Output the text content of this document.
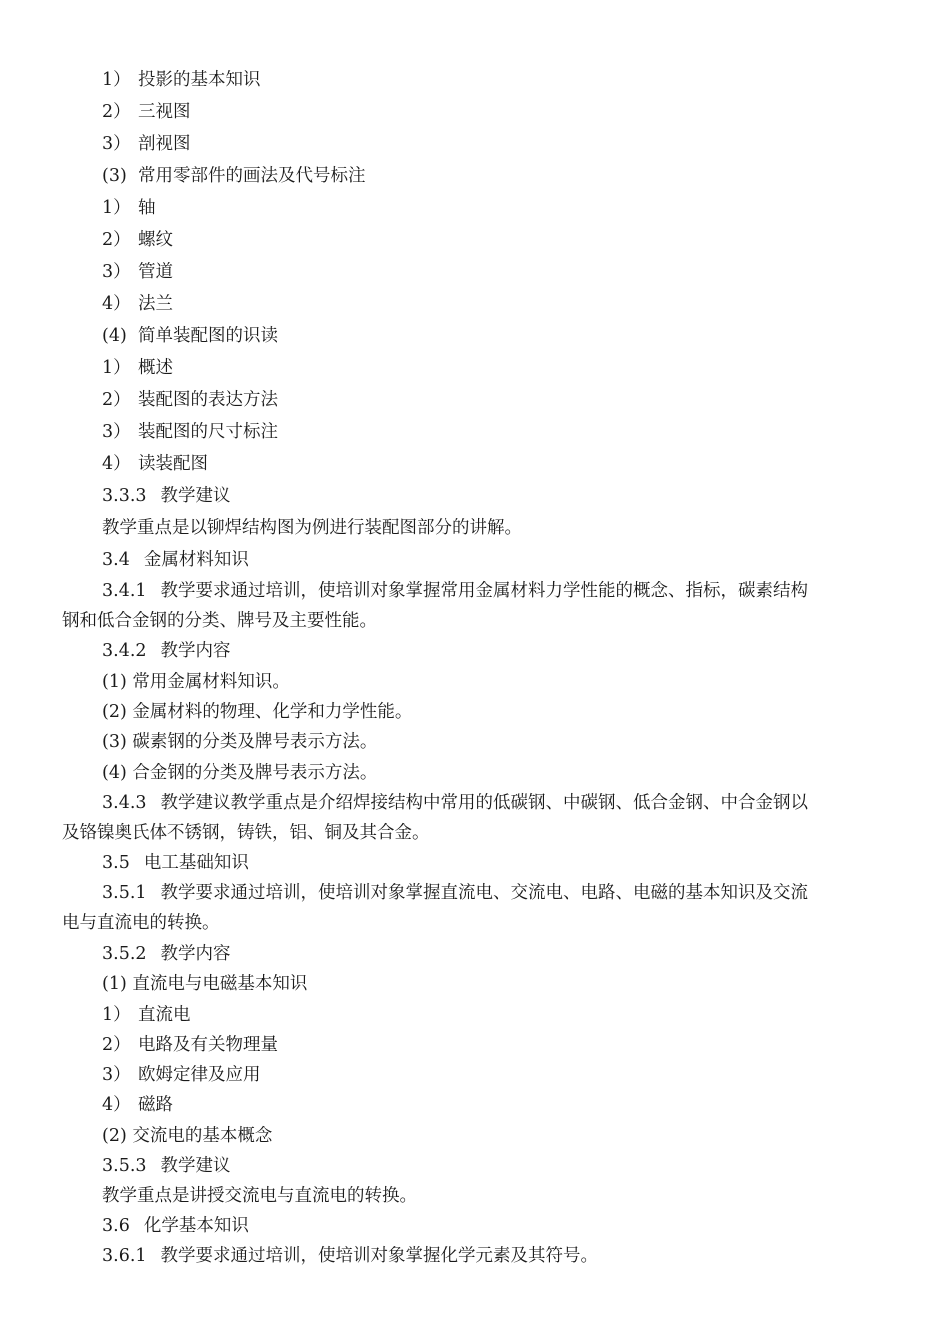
1） 投影的基本知识
2） 三视图
3） 剖视图
(3) 常用零部件的画法及代号标注
1） 轴
2） 螺纹
3） 管道
4） 法兰
(4) 简单装配图的识读
1） 概述
2） 装配图的表达方法
3） 装配图的尺寸标注
4） 读装配图
3.3.3 教学建议
教学重点是以铆焊结构图为例进行装配图部分的讲解。
3.4 金属材料知识
3.4.1 教学要求通过培训，使培训对象掌握常用金属材料力学性能的概念、指标，碳素结构
钢和低合金钢的分类、牌号及主要性能。
3.4.2 教学内容
(1) 常用金属材料知识。
(2) 金属材料的物理、化学和力学性能。
(3) 碳素钢的分类及牌号表示方法。
(4) 合金钢的分类及牌号表示方法。
3.4.3 教学建议教学重点是介绍焊接结构中常用的低碳钢、中碳钢、低合金钢、中合金钢以
及铬镍奥氏体不锈钢，铸铁，铝、铜及其合金。
3.5 电工基础知识
3.5.1 教学要求通过培训，使培训对象掌握直流电、交流电、电路、电磁的基本知识及交流
电与直流电的转换。
3.5.2 教学内容
(1) 直流电与电磁基本知识
1） 直流电
2） 电路及有关物理量
3） 欧姆定律及应用
4） 磁路
(2) 交流电的基本概念
3.5.3 教学建议
教学重点是讲授交流电与直流电的转换。
3.6 化学基本知识
3.6.1 教学要求通过培训，使培训对象掌握化学元素及其符号。
